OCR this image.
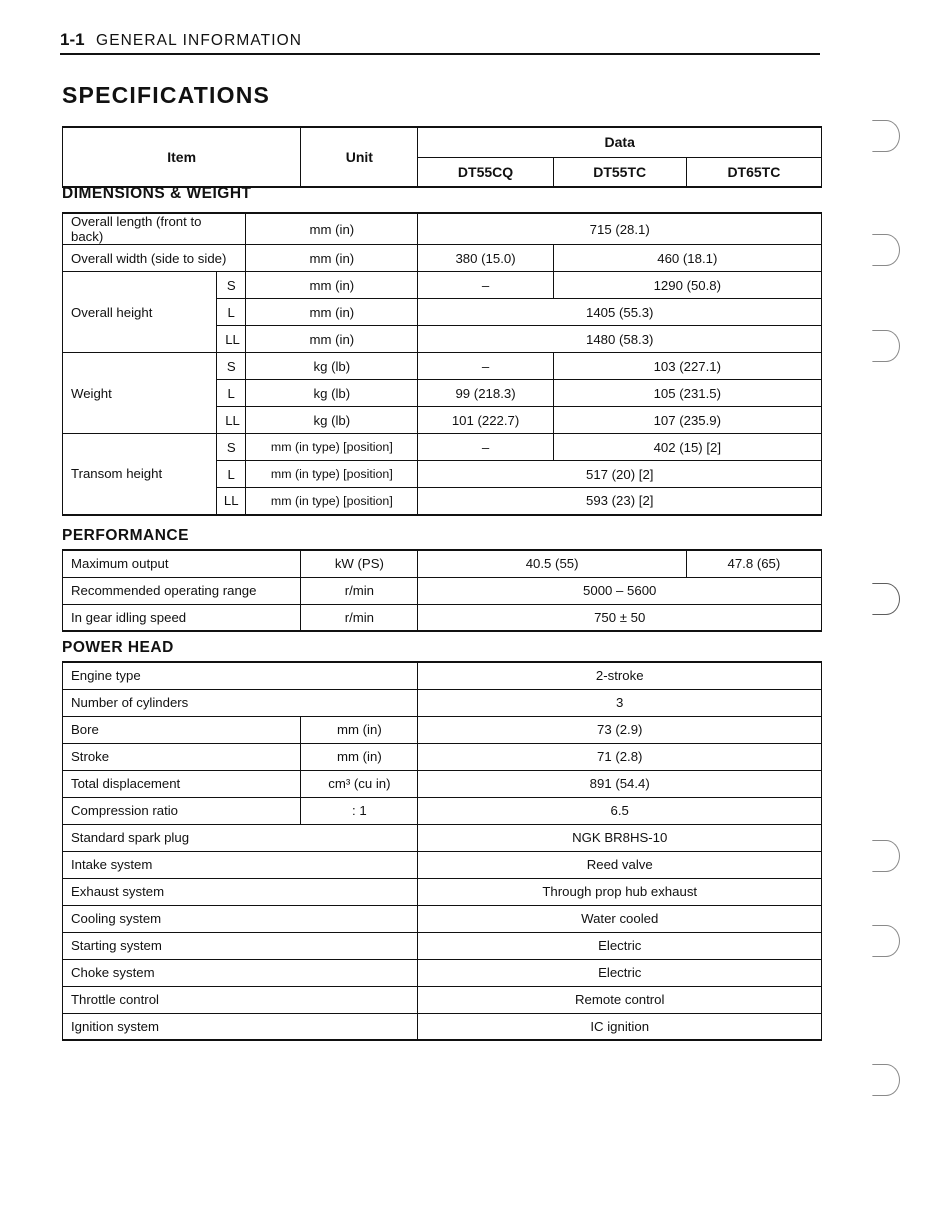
1-1 GENERAL INFORMATION
SPECIFICATIONS
Item	Unit	Data		
		DT55CQ	DT55TC	DT65TC
DIMENSIONS & WEIGHT
Overall length (front to back)		mm (in)	715 (28.1)	
Overall width (side to side)		mm (in)	380 (15.0)	460 (18.1)
Overall height	S	mm (in)	–	1290 (50.8)
	L	mm (in)	1405 (55.3)	
	LL	mm (in)	1480 (58.3)	
Weight	S	kg (lb)	–	103 (227.1)
	L	kg (lb)	99 (218.3)	105 (231.5)
	LL	kg (lb)	101 (222.7)	107 (235.9)
Transom height	S	mm (in type) [position]	–	402 (15) [2]
	L	mm (in type) [position]	517 (20) [2]	
	LL	mm (in type) [position]	593 (23) [2]	
PERFORMANCE
Maximum output	kW (PS)	40.5 (55)	47.8 (65)
Recommended operating range	r/min	5000 – 5600	
In gear idling speed	r/min	750 ± 50	
POWER HEAD
Engine type		2-stroke
Number of cylinders		3
Bore	mm (in)	73 (2.9)
Stroke	mm (in)	71 (2.8)
Total displacement	cm³ (cu in)	891 (54.4)
Compression ratio	: 1	6.5
Standard spark plug		NGK BR8HS-10
Intake system		Reed valve
Exhaust system		Through prop hub exhaust
Cooling system		Water cooled
Starting system		Electric
Choke system		Electric
Throttle control		Remote control
Ignition system		IC ignition
